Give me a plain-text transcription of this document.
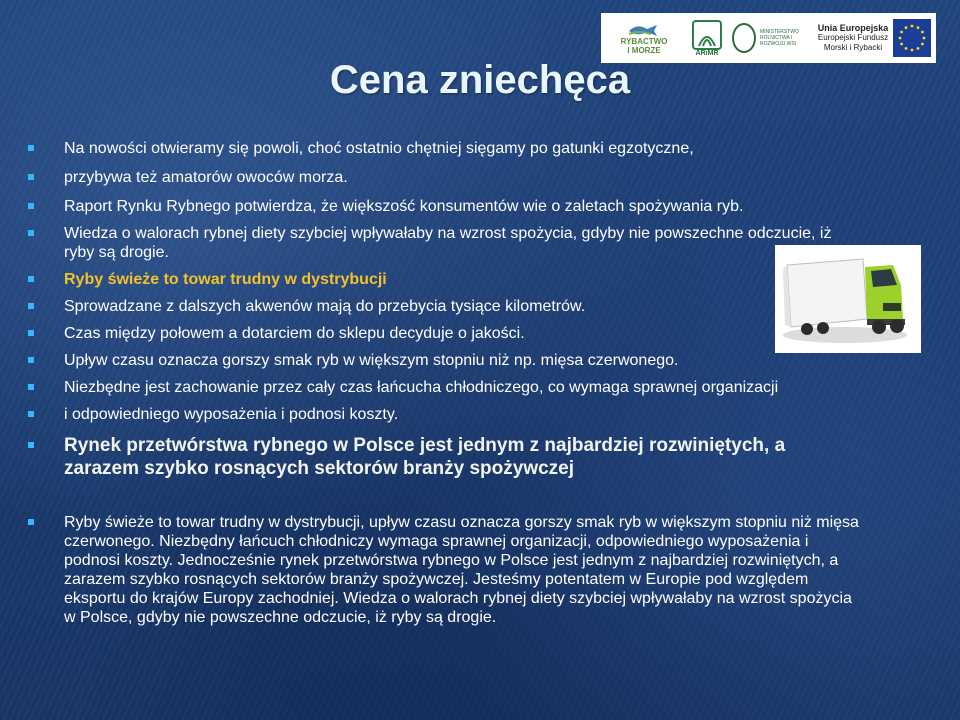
RYBACTWO
I MORZE	ARiMR
MINISTERSTWO ROLNICTWA I ROZWOJU WSI
Unia Europejska
Europejski Fundusz
Morski i Rybacki
Cena zniechęca
Na nowości otwieramy się powoli, choć ostatnio chętniej sięgamy po gatunki egzotyczne,
przybywa też amatorów owoców morza.
Raport Rynku Rybnego potwierdza, że większość konsumentów wie o zaletach spożywania ryb.
Wiedza o walorach rybnej diety szybciej wpływałaby na wzrost spożycia, gdyby nie powszechne odczucie, iż ryby są drogie.
Ryby świeże to towar trudny w dystrybucji
Sprowadzane z dalszych akwenów mają do przebycia tysiące kilometrów.
Czas między połowem a dotarciem do sklepu decyduje o jakości.
Upływ czasu oznacza gorszy smak ryb w większym stopniu niż np. mięsa czerwonego.
Niezbędne jest zachowanie przez cały czas łańcucha chłodniczego, co wymaga sprawnej organizacji
i odpowiedniego wyposażenia i podnosi koszty.
Rynek przetwórstwa rybnego w Polsce jest jednym z najbardziej rozwiniętych, a zarazem szybko rosnących sektorów branży spożywczej
Ryby świeże to towar trudny w dystrybucji, upływ czasu oznacza gorszy smak ryb w większym stopniu niż mięsa czerwonego. Niezbędny łańcuch chłodniczy wymaga sprawnej organizacji, odpowiedniego wyposażenia i podnosi koszty. Jednocześnie rynek przetwórstwa rybnego w Polsce jest jednym z najbardziej rozwiniętych, a zarazem szybko rosnących sektorów branży spożywczej. Jesteśmy potentatem w Europie pod względem eksportu do krajów Europy zachodniej. Wiedza o walorach rybnej diety szybciej wpływałaby na wzrost spożycia w Polsce, gdyby nie powszechne odczucie, iż ryby są drogie.
